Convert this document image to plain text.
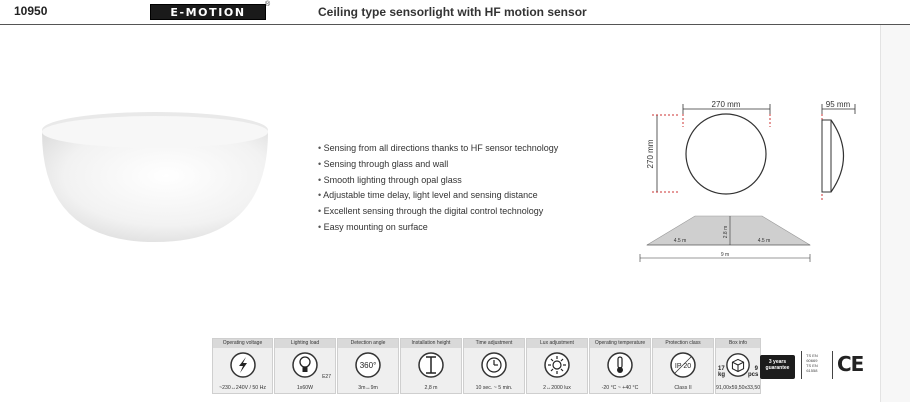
10950	E-MOTION
®
Ceiling type sensorlight with HF motion sensor
• Sensing from all directions thanks to HF sensor technology
• Sensing through glass and wall
• Smooth lighting through opal glass
• Adjustable time delay, light level and sensing distance
• Excellent sensing through the digital control technology
• Easy mounting on surface
270 mm
270 mm
95 mm
2.8 m
4.5 m	4.5 m
9 m
Operating voltage
~230↔240V / 50 Hz
Lighting load
E27
1x60W
Detection angle
360°
3m↔9m
Installation height
2,8 m
Time adjustment
10 sec. ~ 5 min.
Lux adjustment
2↔2000 lux
Operating temperature
-20 °C ~ +40 °C
Protection class
IP 20
Class II
Box info
17 kg
9 pcs
91,00x59,50x33,50
3 years guarantee
TS EN
60669
TS EN
61558 CE
